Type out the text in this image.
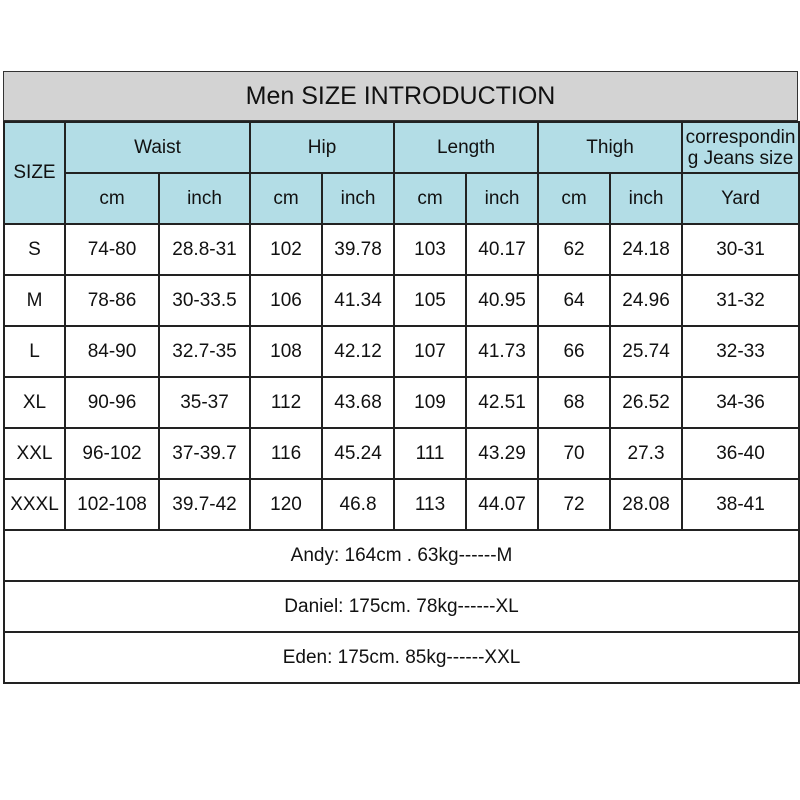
Men SIZE INTRODUCTION
SIZE	Waist		Hip		Length		Thigh		correspondin
g Jeans size
	cm	inch	cm	inch	cm	inch	cm	inch	Yard
S	74-80	28.8-31	102	39.78	103	40.17	62	24.18	30-31
M	78-86	30-33.5	106	41.34	105	40.95	64	24.96	31-32
L	84-90	32.7-35	108	42.12	107	41.73	66	25.74	32-33
XL	90-96	35-37	112	43.68	109	42.51	68	26.52	34-36
XXL	96-102	37-39.7	116	45.24	111	43.29	70	27.3	36-40
XXXL	102-108	39.7-42	120	46.8	113	44.07	72	28.08	38-41
Andy: 164cm . 63kg------M									
Daniel: 175cm. 78kg------XL									
Eden: 175cm. 85kg------XXL									
